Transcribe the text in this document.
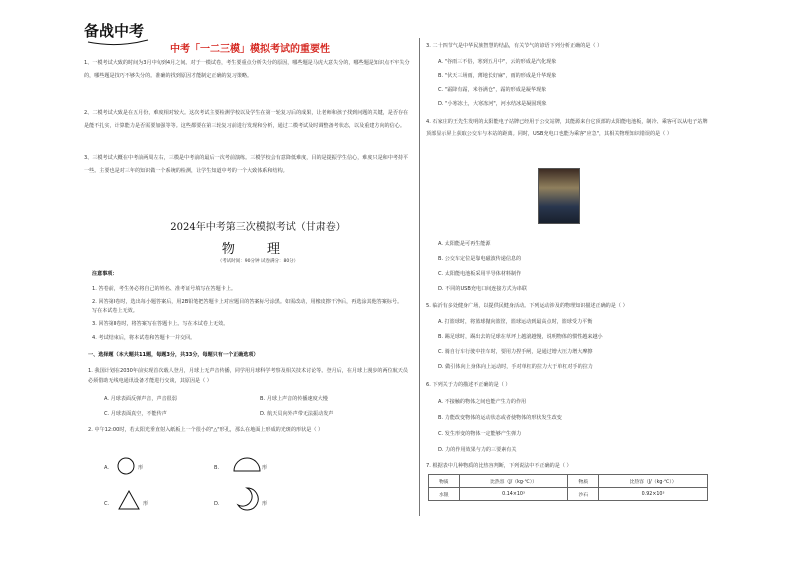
备战中考
中考「一二三模」模拟考试的重要性
1、一模考试大致的时间为3月中旬到4月之间。对于一模试卷，考生要重点分析失分的原因，哪些题是马虎大意失分的，哪些题是知识点不牢失分的，哪些题是技巧不够失分的。准确的找到原因才能制定正确的复习策略。
2、二模考试大致是在五月份，难度相对较大。这次考试主要检测学校以及学生在第一轮复习后的成果，让老师和孩子找到问题的关键，是否存在是能不扎实，计算能力是否需要加强等等。这些都要在第三轮复习前进行发现和分析，通过二模考试及时调整备考状态，以及重建方向的信心。
3、三模考试大概在中考前两周左右，三模是中考前的最后一次考前演练。三模学校会有意降低难度，目的是提振学生信心，难度只是和中考持平一些。主要也是对三年的知识做一个系统的检测，让学生知道中考的一个大致体系和结构。
2024年中考第三次模拟考试（甘肃卷）
物 理
（考试时间：90分钟 试卷满分：80分）
注意事项：
1. 答卷前，考生务必将自己的姓名、准考证号填写在答题卡上。
2. 回答第Ⅰ卷时，选出每小题答案后，用2B铅笔把答题卡上对应题目的答案标号涂黑。如需改动，用橡皮擦干净后，再选涂其他答案标号。写在本试卷上无效。
3. 回答第Ⅱ卷时，将答案写在答题卡上。写在本试卷上无效。
4. 考试结束后，将本试卷和答题卡一并交回。
一、选择题（本大题共11题，每题3分，共33分，每题只有一个正确选项）
1. 我国计划在2030年前实现首次载人登月，月球上无声音传播，同学用月球科学考察及相关技术讨论等。登月后，在月球上漫步的两位航天员必须借助无线电通讯设备才能进行交谈，其原因是（ ）
A. 月球表面反弹声音，声音很弱	B. 月球上声音的传播速度大慢
C. 月球表面真空，不能传声	D. 航天员向外声带无法振动发声
2. 中午12:00时，若太阳光垂直射入纸板上一个很小的"△"形孔，那么在地面上形成的光斑的形状是（ ）
A.	形	B.	形
C.	形	D.	形
3. 二十四节气是中华民族智慧的结晶，有关节气的谚语下列分析正确的是（ ）
A. "谷雨三不俗，寒到五月中"，云的形成是汽化现象
B. "伏天三场雨，薄地长好麻"，雨的形成是升华现象
C. "霜降有霜，米谷满仓"，霜的形成是凝华现象
D. "小寒冻土，大寒冻河"，河水结冰是凝固现象
4. 石家庄的王先生发明的太阳能电子站牌已经用于公交站牌，其能源来自它顶部的太阳能电池板，制冷、乘客可以从电子站牌顶部显示屏上获取公交车与本站的距离。同时，USB充电口也能为乘客"应急"，其相关物理知识错误的是（ ）
A. 太阳能是可再生能源
B. 公交车定位是靠电磁波传递信息的
C. 太阳能电池板采用半导体材料制作
D. 不同的USB充电口间连接方式为串联
5. 临沂有多处健身广场，以提供民健身活动。下列运动涉及的物理知识描述正确的是（ ）
A. 打篮球时，将篮球抛向篮筐，篮球运动到最高点时，篮球受力平衡
B. 踢足球时，踢出去的足球在草坪上越滚越慢，说明物体的惯性越来越小
C. 骑自行车行驶中挂车时，要用力捏手闸，是通过增大压力增大摩擦
D. 做引体向上身体向上运动时，手对单杠的拉力大于单杠对手的拉力
6. 下列关于力的描述不正确的是（ ）
A. 不接触的物体之间也能产生力的作用
B. 力能改变物体的运动状态或者使物体的形状发生改变
C. 发生形变的物体一定能够产生弹力
D. 力的作用效果与力的三要素有关
7. 根据表中几种物质的比热容判断，下列说法中不正确的是（ ）
物质	比热容（J/（kg·℃））	物质	比热容（J/（kg·℃））
水银	0.14×10³	沙石	0.92×10³
